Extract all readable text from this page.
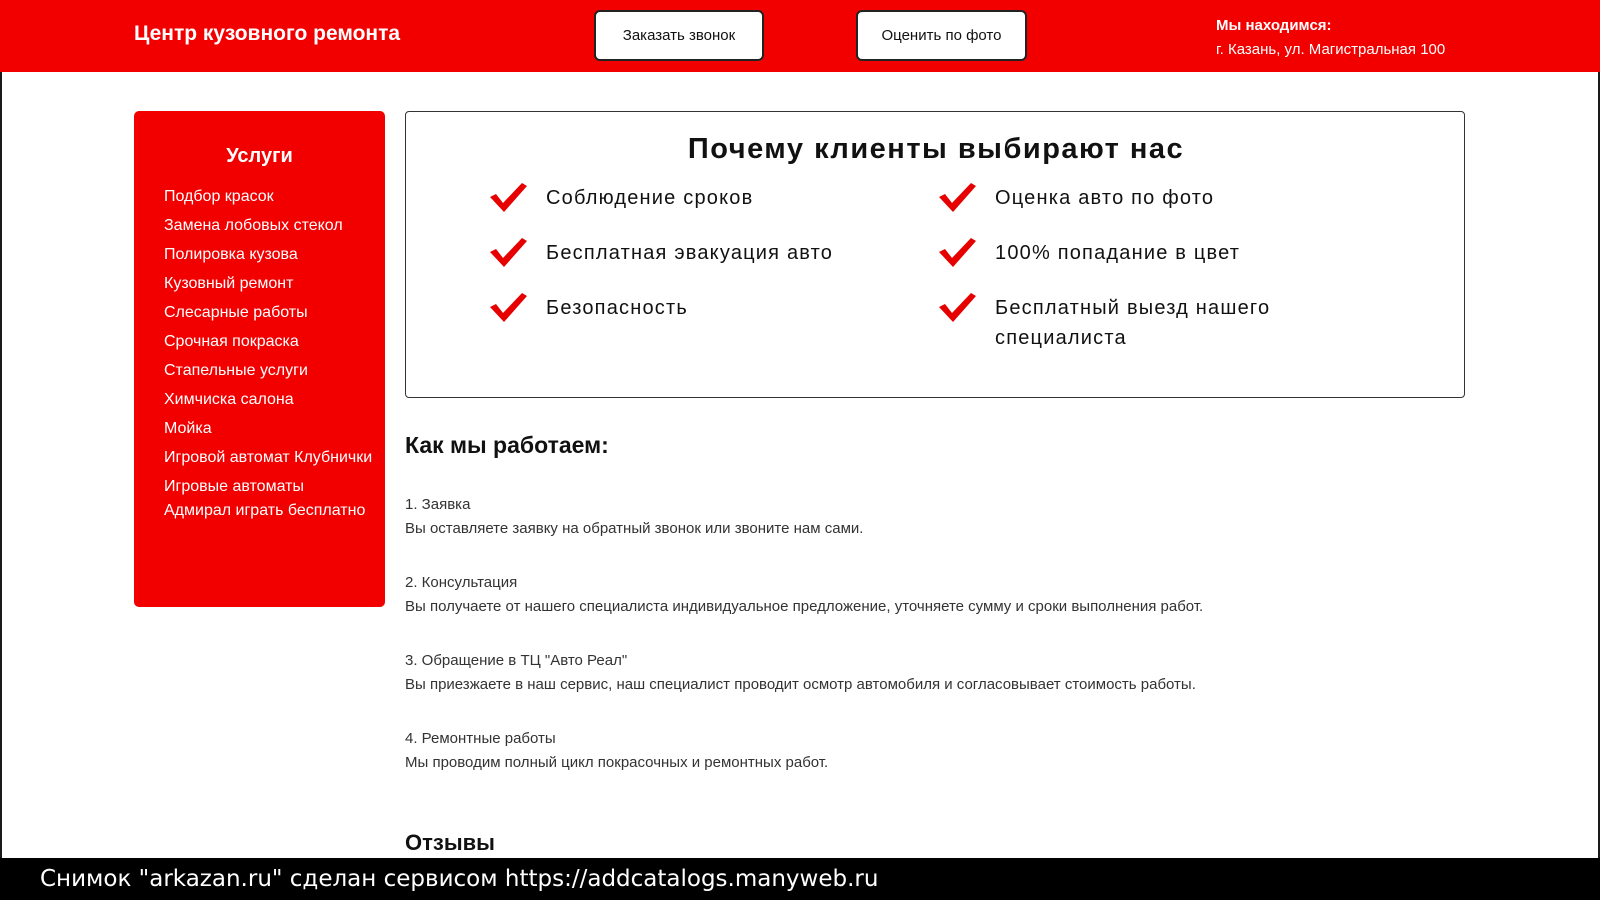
Центр кузовного ремонта	Заказать звонок	Оценить по фото
Мы находимся:
г. Казань, ул. Магистральная 100
Услуги
Подбор красок
Замена лобовых стекол
Полировка кузова
Кузовный ремонт
Слесарные работы
Срочная покраска
Стапельные услуги
Химчиска салона
Мойка
Игровой автомат Клубнички
Игровые автоматы Адмирал играть бесплатно
Почему клиенты выбирают нас
Соблюдение сроков	Оценка авто по фото
Бесплатная эвакуация авто	100% попадание в цвет
Безопасность	Бесплатный выезд нашего специалиста
Как мы работаем:
1. Заявка
Вы оставляете заявку на обратный звонок или звоните нам сами.
2. Консультация
Вы получаете от нашего специалиста индивидуальное предложение, уточняете сумму и сроки выполнения работ.
3. Обращение в ТЦ "Авто Реал"
Вы приезжаете в наш сервис, наш специалист проводит осмотр автомобиля и согласовывает стоимость работы.
4. Ремонтные работы
Мы проводим полный цикл покрасочных и ремонтных работ.
Отзывы
Снимок "arkazan.ru" сделан сервисом https://addcatalogs.manyweb.ru
